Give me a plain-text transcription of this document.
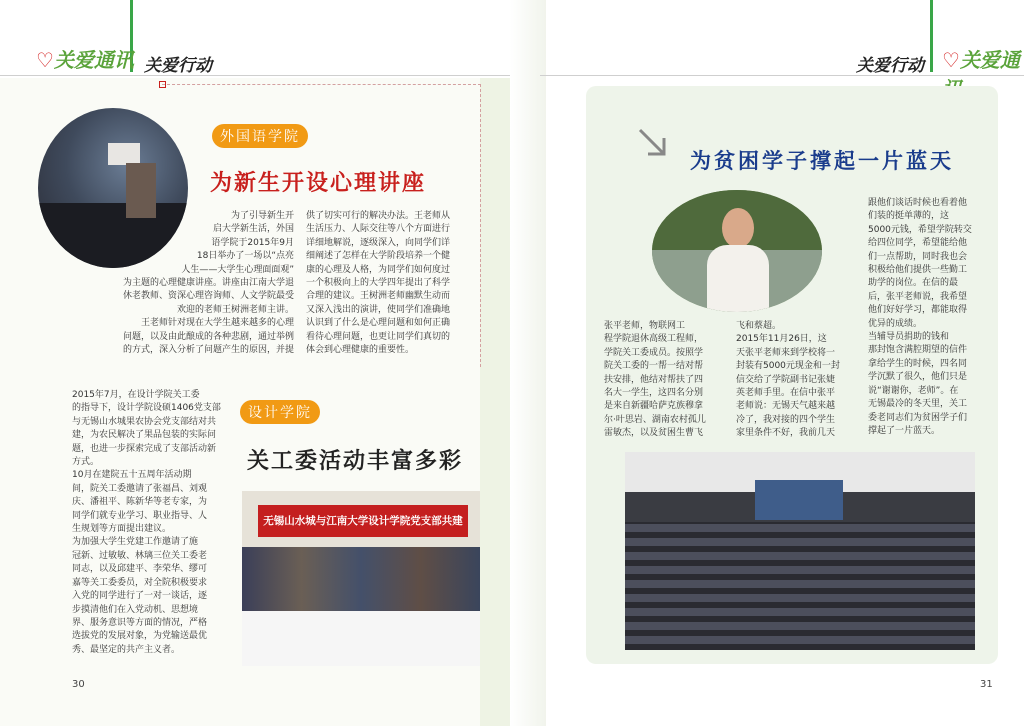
♡关爱通讯 关爱行动
外国语学院
为新生开设心理讲座
为了引导新生开
启大学新生活，外国
语学院于2015年9月
18日举办了一场以“点亮
人生——大学生心理面面观”
为主题的心理健康讲座。讲座由江南大学退
休老教师、资深心理咨询师、人文学院最受
欢迎的老师王树洲老师主讲。
王老师针对现在大学生越来越多的心理
问题，以及由此酿成的各种悲剧，通过举例
的方式，深入分析了问题产生的原因，并提
供了切实可行的解决办法。王老师从
生活压力、人际交往等八个方面进行
详细地解说，逐级深入，向同学们详
细阐述了怎样在大学阶段培养一个健
康的心理及人格，为同学们如何度过
一个积极向上的大学四年提出了科学
合理的建议。王树洲老师幽默生动而
又深入浅出的演讲，使同学们准确地
认识到了什么是心理问题和如何正确
看待心理问题，也更让同学们真切的
体会到心理健康的重要性。
2015年7月，在设计学院关工委
的指导下，设计学院设硕1406党支部
与无锡山水城果农协会党支部结对共
建，为农民解决了果品包装的实际问
题，也进一步探索完成了支部活动新
方式。
10月在建院五十五周年活动期
间，院关工委邀请了张福昌、刘观
庆、潘祖平、陈新华等老专家，为
同学们就专业学习、职业指导、人
生规划等方面提出建议。
为加强大学生党建工作邀请了施
冠新、过敏敏、林璃三位关工委老
同志，以及邱建平、李荣华、缪可
嘉等关工委委员，对全院积极要求
入党的同学进行了一对一谈话，逐
步摸清他们在入党动机、思想境
界、服务意识等方面的情况，严格
选拔党的发展对象，为党输送最优
秀、最坚定的共产主义者。
设计学院
关工委活动丰富多彩
无锡山水城与江南大学设计学院党支部共建
30
关爱行动 ♡关爱通
为贫困学子撑起一片蓝天
跟他们谈话时候也看着他
们装的挺单薄的，这
5000元钱，希望学院转交
给四位同学，希望能给他
们一点帮助，同时我也会
积极给他们提供一些勤工
助学的岗位。在信的最
后，张平老师说，我希望
他们好好学习，都能取得
优异的成绩。
当辅导员捐助的钱和
那封饱含满腔期望的信件
拿给学生的时候，四名同
学沉默了很久，他们只是
说“谢谢你，老师”。在
无锡最冷的冬天里，关工
委老同志们为贫困学子们
撑起了一片蓝天。
张平老师，物联网工
程学院退休高级工程师，
学院关工委成员。按照学
院关工委的一帮一结对帮
扶安排，他结对帮扶了四
名大一学生，这四名分别
是来自新疆哈萨克族穆拿
尔·叶思岩、湖南农村孤儿
雷敏杰，以及贫困生曹飞
飞和蔡超。
2015年11月26日，这
天张平老师来到学校将一
封装有5000元现金和一封
信交给了学院副书记张婕
英老师手里。在信中张平
老师说：无锡天气越来越
冷了，我对接的四个学生
家里条件不好，我前几天
31
